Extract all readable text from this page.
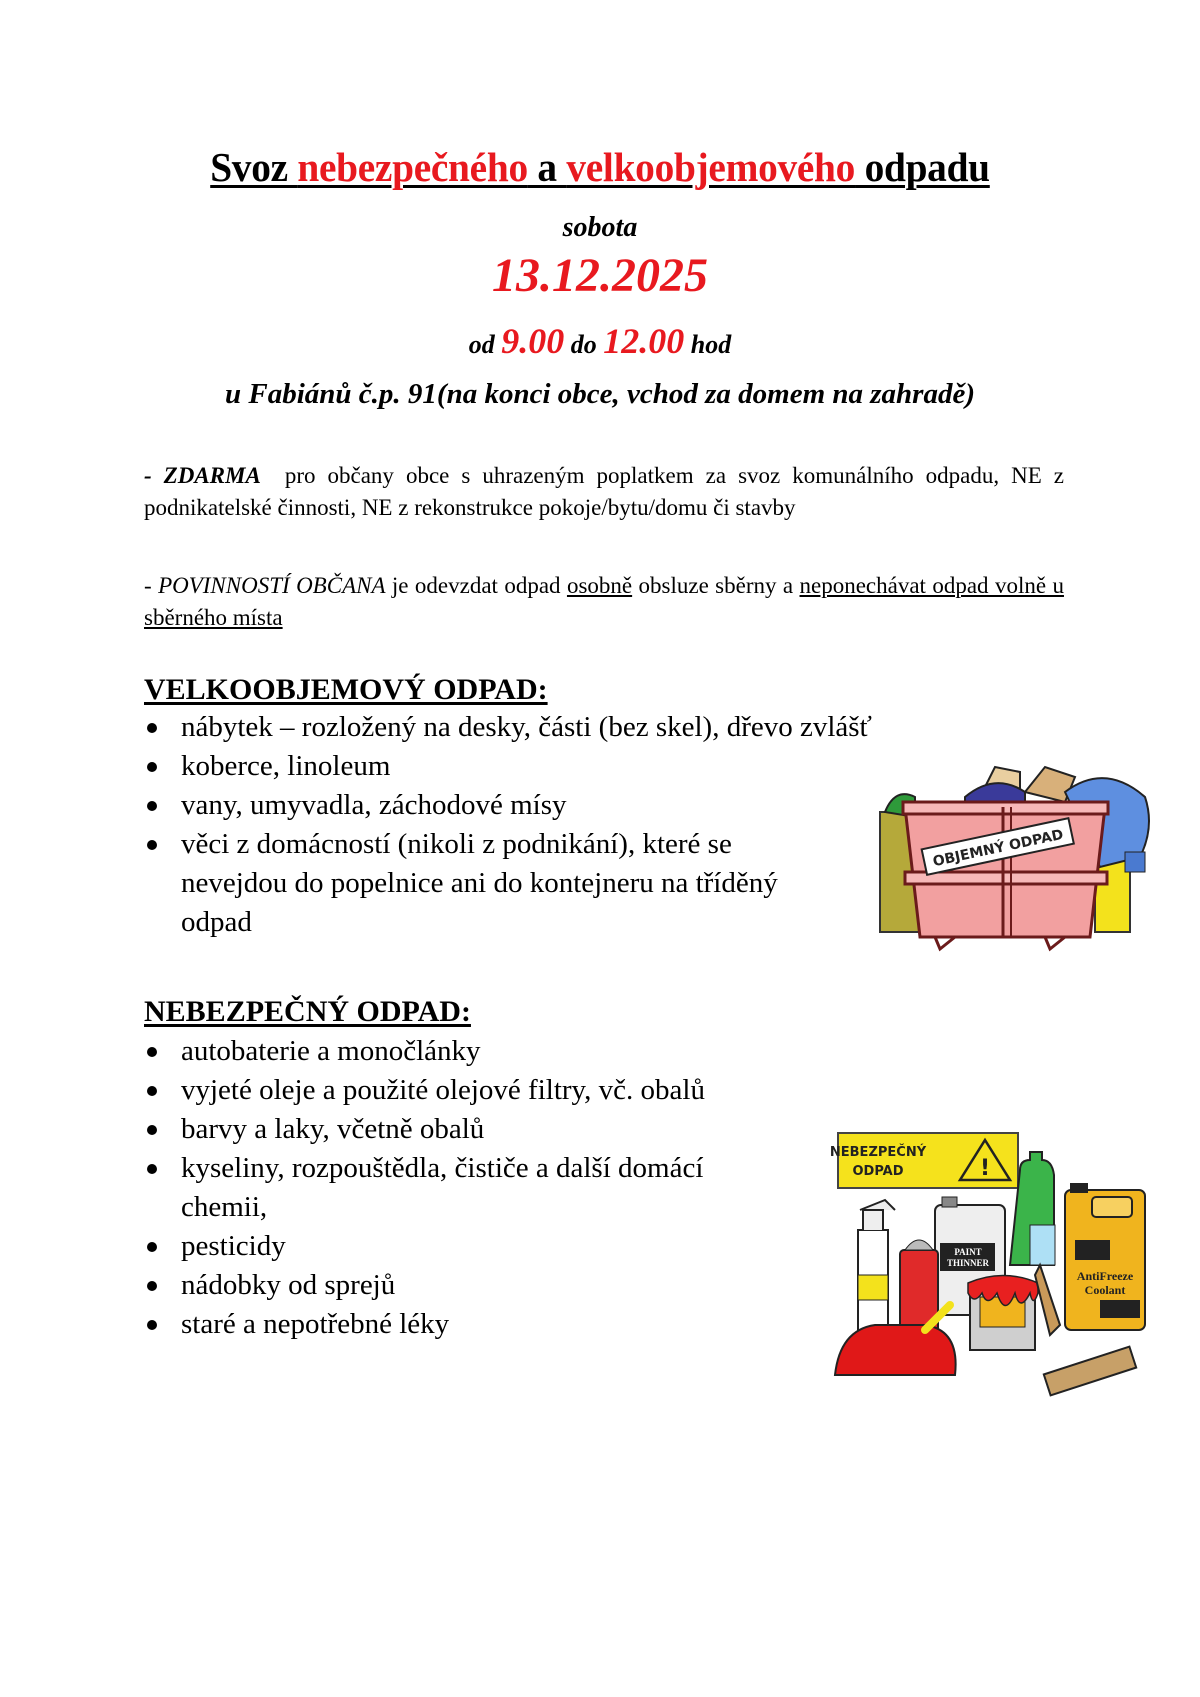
Svoz nebezpečného a velkoobjemového odpadu
sobota
13.12.2025
od 9.00 do 12.00 hod
u Fabiánů č.p. 91(na konci obce, vchod za domem na zahradě)
- ZDARMA  pro občany obce s uhrazeným poplatkem za svoz komunálního odpadu, NE z podnikatelské činnosti, NE z rekonstrukce pokoje/bytu/domu či stavby
- POVINNOSTÍ OBČANA je odevzdat odpad osobně obsluze sběrny a neponechávat odpad volně u sběrného místa
VELKOOBJEMOVÝ ODPAD:
nábytek – rozložený na desky, části (bez skel), dřevo zvlášť
koberce, linoleum
vany, umyvadla, záchodové mísy
věci z domácností (nikoli z podnikání), které se nevejdou do popelnice ani do kontejneru na tříděný odpad
OBJEMNÝ ODPAD
NEBEZPEČNÝ ODPAD:
autobaterie a monočlánky
vyjeté oleje a použité olejové filtry, vč. obalů
barvy a laky, včetně obalů
kyseliny, rozpouštědla, čističe a další domácí chemii,
pesticidy
nádobky od sprejů
staré a nepotřebné léky
NEBEZPEČNÝ
ODPAD	!
AntiFreeze
Coolant
PAINT
THINNER
